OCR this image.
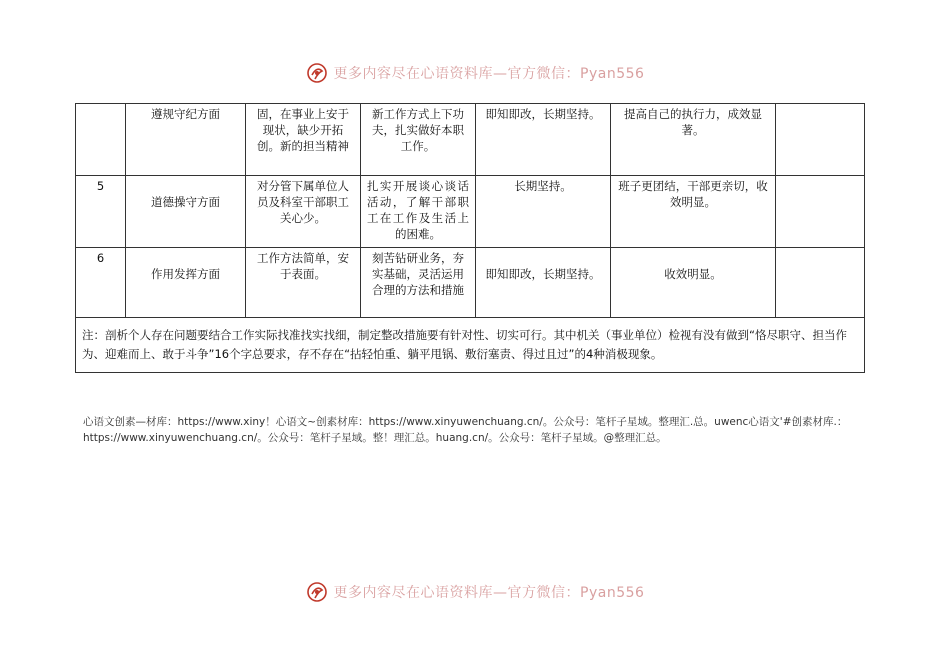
更多内容尽在心语资料库—官方微信：Pyan556
	遵规守纪方面	固，在事业上安于现状，缺少开拓创。新的担当精神	新工作方式上下功夫，扎实做好本职工作。	即知即改，长期坚持。	提高自己的执行力，成效显著。	
5	道德操守方面	对分管下属单位人员及科室干部职工关心少。	扎实开展谈心谈话活动，了解干部职工在工作及生活上的困难。	长期坚持。	班子更团结，干部更亲切，收效明显。	
6	作用发挥方面	工作方法简单，安于表面。	刻苦钻研业务，夯实基础，灵活运用合理的方法和措施	即知即改，长期坚持。	收效明显。	
注：剖析个人存在问题要结合工作实际找准找实找细，制定整改措施要有针对性、切实可行。其中机关（事业单位）检视有没有做到“恪尽职守、担当作为、迎难而上、敢于斗争”16个字总要求，存不存在“拈轻怕重、躺平甩锅、敷衍塞责、得过且过”的4种消极现象。						
心语文创素—材库：https://www.xiny！心语文~创素材库：https://www.xinyuwenchuang.cn/。公众号：笔杆子星域。整理汇.总。uwenc心语文'#创素材库.：https://www.xinyuwenchuang.cn/。公众号：笔杆子星域。整！理汇总。huang.cn/。公众号：笔杆子星域。@整理汇总。
更多内容尽在心语资料库—官方微信：Pyan556
